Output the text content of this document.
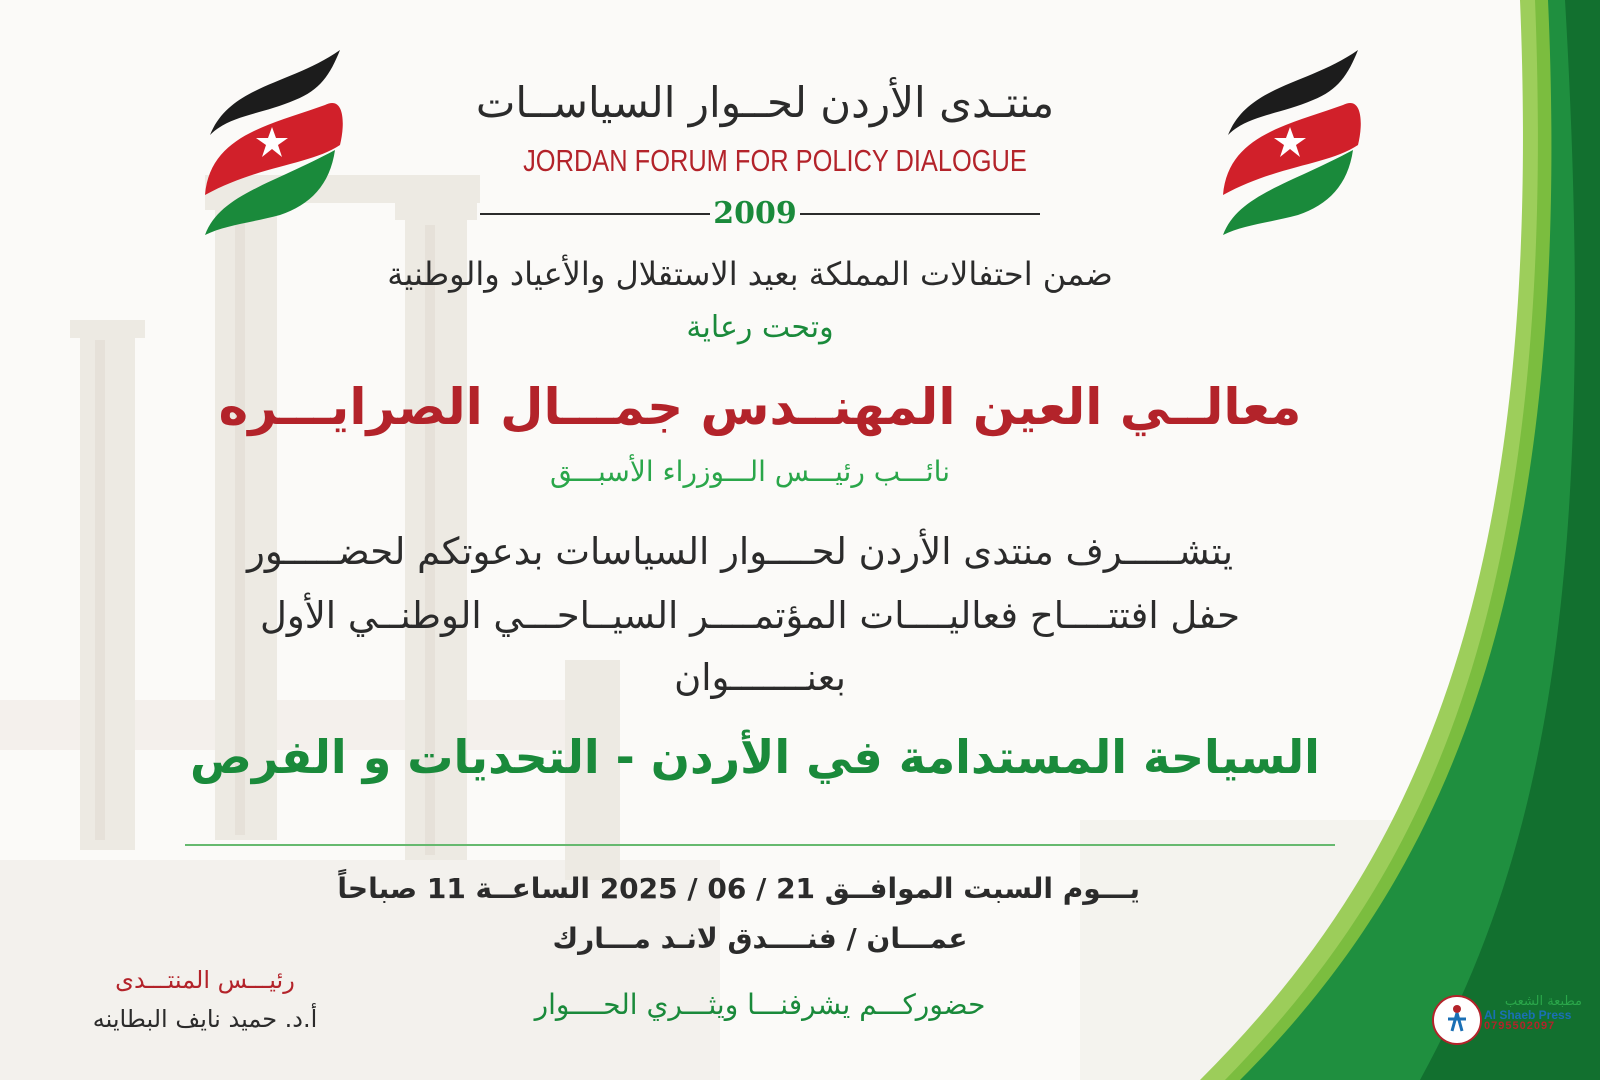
منتـدى الأردن لحــوار السياســات
JORDAN FORUM FOR POLICY DIALOGUE
2009
ضمن احتفالات المملكة بعيد الاستقلال والأعياد والوطنية
وتحت رعاية
معالــي العين المهنــدس جمـــال الصرايـــره
نائـــب رئيـــس الـــوزراء الأسبـــق
يتشـــــرف منتدى الأردن لحــــوار السياسات بدعوتكم لحضـــــور
حفل افتتــــاح فعاليــــات المؤتمــــر السيــاحـــي الوطنــي الأول
بعنـــــــوان
السياحة المستدامة في الأردن - التحديات و الفرص
يـــوم السبت الموافــق 21 / 06 / 2025 الساعــة 11 صباحاً
عمـــان / فنــــدق لانـد مـــارك
حضوركـــم يشرفنـــا ويثـــري الحــــوار
رئيـــس المنتـــدى
أ.د. حميد نايف البطاينه
مطبعة الشعب
Al Shaeb Press
0795502097
